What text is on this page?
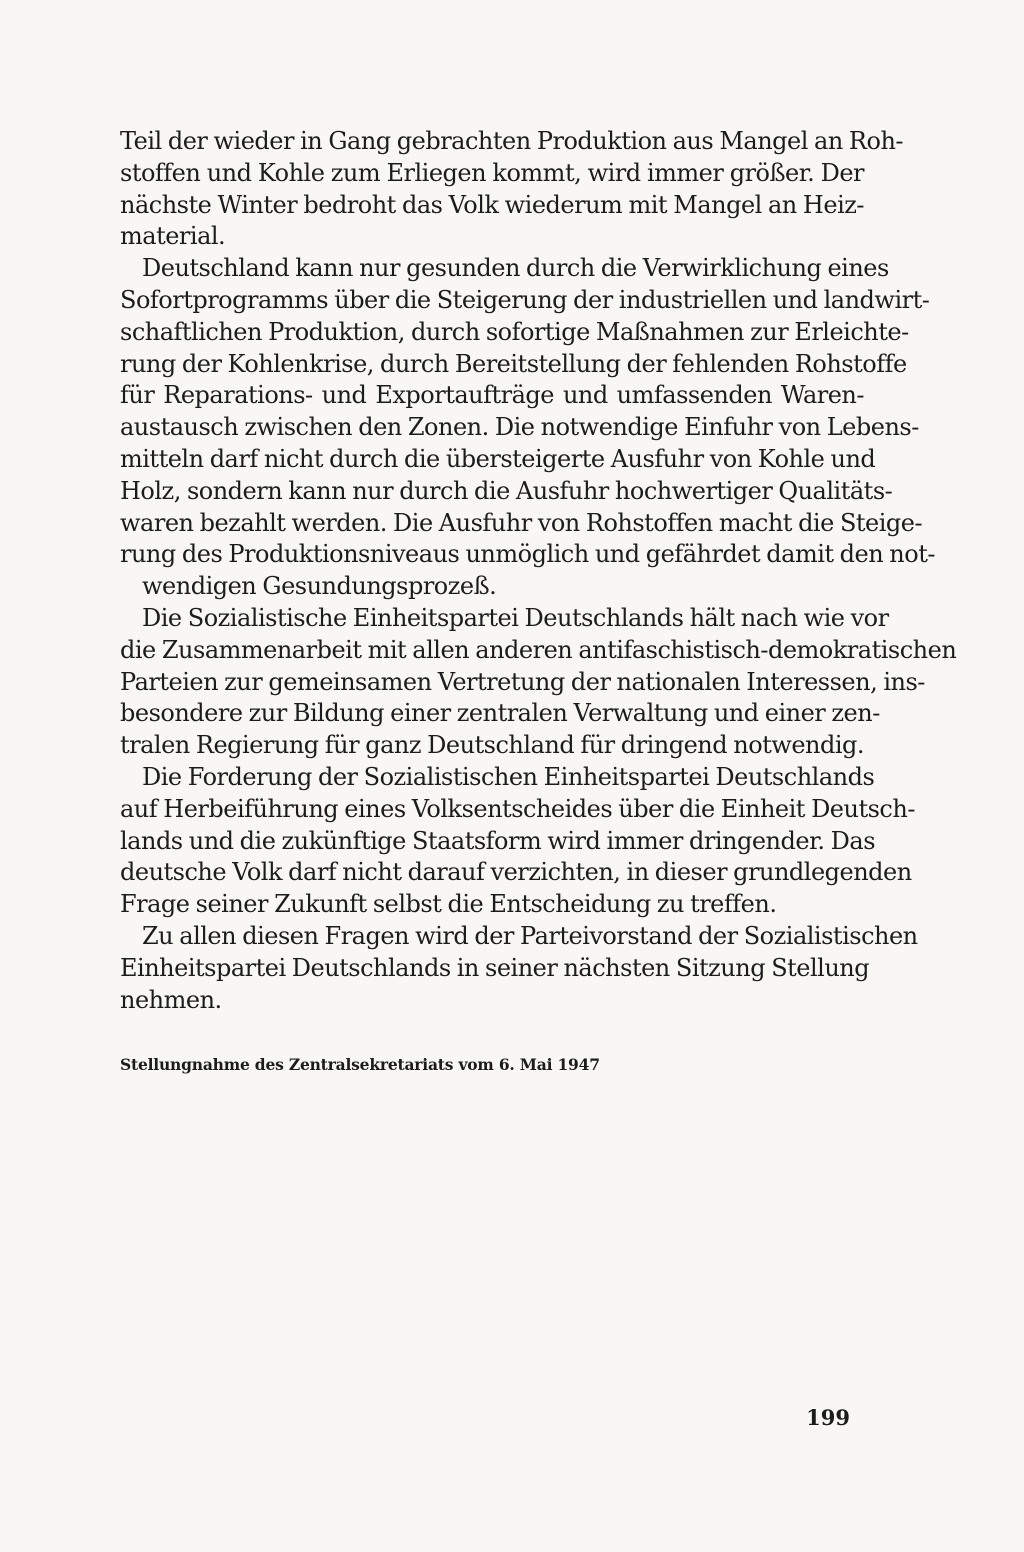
Teil der wieder in Gang gebrachten Produktion aus Mangel an Roh-
stoffen und Kohle zum Erliegen kommt, wird immer größer. Der
nächste Winter bedroht das Volk wiederum mit Mangel an Heiz-
material.
Deutschland kann nur gesunden durch die Verwirklichung eines
Sofortprogramms über die Steigerung der industriellen und landwirt-
schaftlichen Produktion, durch sofortige Maßnahmen zur Erleichte-
rung der Kohlenkrise, durch Bereitstellung der fehlenden Rohstoffe
für Reparations- und Exportaufträge und umfassenden Waren-
austausch zwischen den Zonen. Die notwendige Einfuhr von Lebens-
mitteln darf nicht durch die übersteigerte Ausfuhr von Kohle und
Holz, sondern kann nur durch die Ausfuhr hochwertiger Qualitäts-
waren bezahlt werden. Die Ausfuhr von Rohstoffen macht die Steige-
rung des Produktionsniveaus unmöglich und gefährdet damit den not-
wendigen Gesundungsprozeß.
Die Sozialistische Einheitspartei Deutschlands hält nach wie vor
die Zusammenarbeit mit allen anderen antifaschistisch-demokratischen
Parteien zur gemeinsamen Vertretung der nationalen Interessen, ins-
besondere zur Bildung einer zentralen Verwaltung und einer zen-
tralen Regierung für ganz Deutschland für dringend notwendig.
Die Forderung der Sozialistischen Einheitspartei Deutschlands
auf Herbeiführung eines Volksentscheides über die Einheit Deutsch-
lands und die zukünftige Staatsform wird immer dringender. Das
deutsche Volk darf nicht darauf verzichten, in dieser grundlegenden
Frage seiner Zukunft selbst die Entscheidung zu treffen.
Zu allen diesen Fragen wird der Parteivorstand der Sozialistischen
Einheitspartei Deutschlands in seiner nächsten Sitzung Stellung
nehmen.
Stellungnahme des Zentralsekretariats vom 6. Mai 1947
199
